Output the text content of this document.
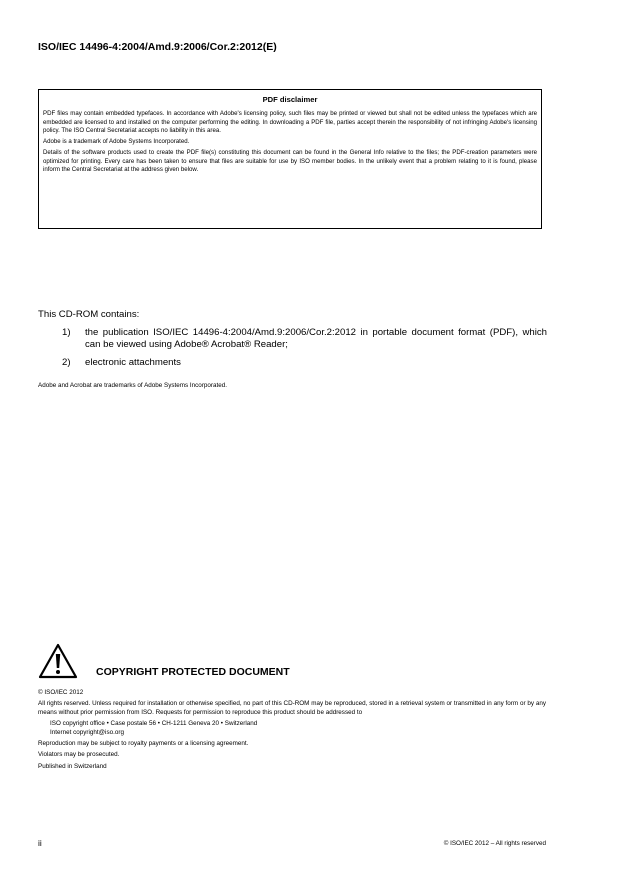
ISO/IEC 14496-4:2004/Amd.9:2006/Cor.2:2012(E)
PDF disclaimer

PDF files may contain embedded typefaces. In accordance with Adobe's licensing policy, such files may be printed or viewed but shall not be edited unless the typefaces which are embedded are licensed to and installed on the computer performing the editing. In downloading a PDF file, parties accept therein the responsibility of not infringing Adobe's licensing policy. The ISO Central Secretariat accepts no liability in this area.

Adobe is a trademark of Adobe Systems Incorporated.

Details of the software products used to create the PDF file(s) constituting this document can be found in the General Info relative to the files; the PDF-creation parameters were optimized for printing. Every care has been taken to ensure that files are suitable for use by ISO member bodies. In the unlikely event that a problem relating to it is found, please inform the Central Secretariat at the address given below.

This CD-ROM contains:
1) the publication ISO/IEC 14496-4:2004/Amd.9:2006/Cor.2:2012 in portable document format (PDF), which can be viewed using Adobe® Acrobat® Reader;
2) electronic attachments
Adobe and Acrobat are trademarks of Adobe Systems Incorporated.
COPYRIGHT PROTECTED DOCUMENT

© ISO/IEC 2012

All rights reserved. Unless required for installation or otherwise specified, no part of this CD-ROM may be reproduced, stored in a retrieval system or transmitted in any form or by any means without prior permission from ISO. Requests for permission to reproduce this product should be addressed to

ISO copyright office • Case postale 56 • CH-1211 Geneva 20 • Switzerland

Internet copyright@iso.org

Reproduction may be subject to royalty payments or a licensing agreement.

Violators may be prosecuted.

Published in Switzerland

ii	© ISO/IEC 2012 – All rights reserved
